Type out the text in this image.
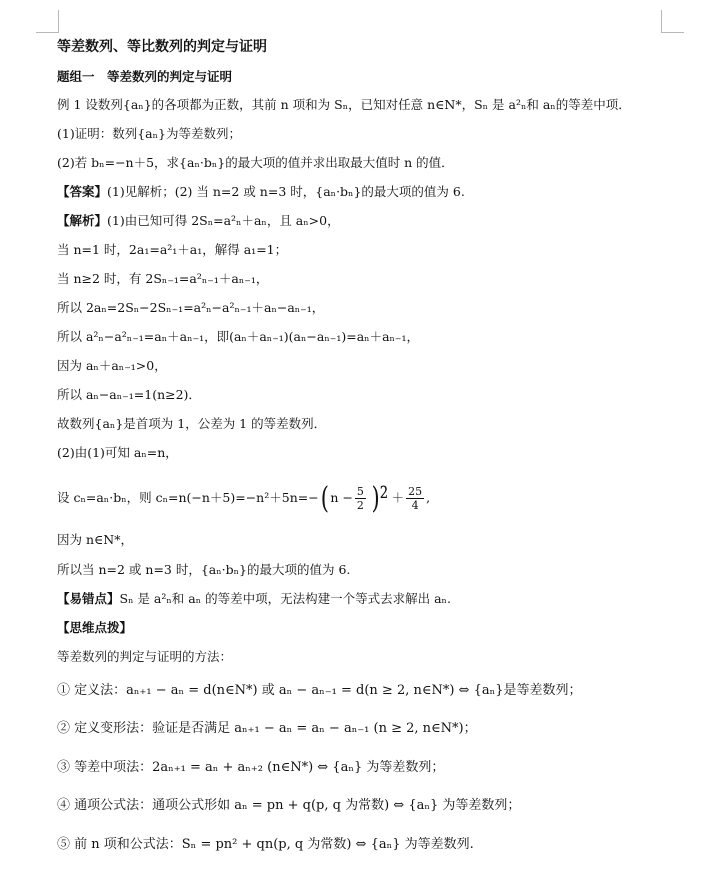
等差数列、等比数列的判定与证明
题组一　等差数列的判定与证明
例 1 设数列{aₙ}的各项都为正数，其前 n 项和为 Sₙ，已知对任意 n∈N*，Sₙ 是 a²ₙ和 aₙ的等差中项．
(1)证明：数列{aₙ}为等差数列；
(2)若 bₙ=−n＋5，求{aₙ·bₙ}的最大项的值并求出取最大值时 n 的值．
【答案】(1)见解析；(2) 当 n=2 或 n=3 时，{aₙ·bₙ}的最大项的值为 6.
【解析】(1)由已知可得 2Sₙ=a²ₙ＋aₙ，且 aₙ>0，
当 n=1 时，2a₁=a²₁＋a₁，解得 a₁=1；
当 n≥2 时，有 2Sₙ₋₁=a²ₙ₋₁＋aₙ₋₁，
所以 2aₙ=2Sₙ−2Sₙ₋₁=a²ₙ−a²ₙ₋₁＋aₙ−aₙ₋₁，
所以 a²ₙ−a²ₙ₋₁=aₙ＋aₙ₋₁，即(aₙ＋aₙ₋₁)(aₙ−aₙ₋₁)=aₙ＋aₙ₋₁，
因为 aₙ＋aₙ₋₁>0，
所以 aₙ−aₙ₋₁=1(n≥2)．
故数列{aₙ}是首项为 1，公差为 1 的等差数列．
(2)由(1)可知 aₙ=n，
设 cₙ=aₙ·bₙ，则 cₙ=n(−n＋5)=−n²＋5n=−( $n - \frac{5}{2} )^2 + \frac{25}{4}$ ,
因为 n∈N*，
所以当 n=2 或 n=3 时，{aₙ·bₙ}的最大项的值为 6.
【易错点】Sₙ 是 a²ₙ和 aₙ 的等差中项，无法构建一个等式去求解出 aₙ.
【思维点拨】
等差数列的判定与证明的方法：
① 定义法：aₙ₊₁ − aₙ = d(n∈N*) 或 aₙ − aₙ₋₁ = d(n ≥ 2, n∈N*) ⇔ {aₙ}是等差数列；
② 定义变形法：验证是否满足 aₙ₊₁ − aₙ = aₙ − aₙ₋₁ (n ≥ 2, n∈N*)；
③ 等差中项法：2aₙ₊₁ = aₙ + aₙ₊₂ (n∈N*) ⇔ {aₙ} 为等差数列；
④ 通项公式法：通项公式形如 aₙ = pn + q(p, q 为常数) ⇔ {aₙ} 为等差数列；
⑤ 前 n 项和公式法：Sₙ = pn² + qn(p, q 为常数) ⇔ {aₙ} 为等差数列.
